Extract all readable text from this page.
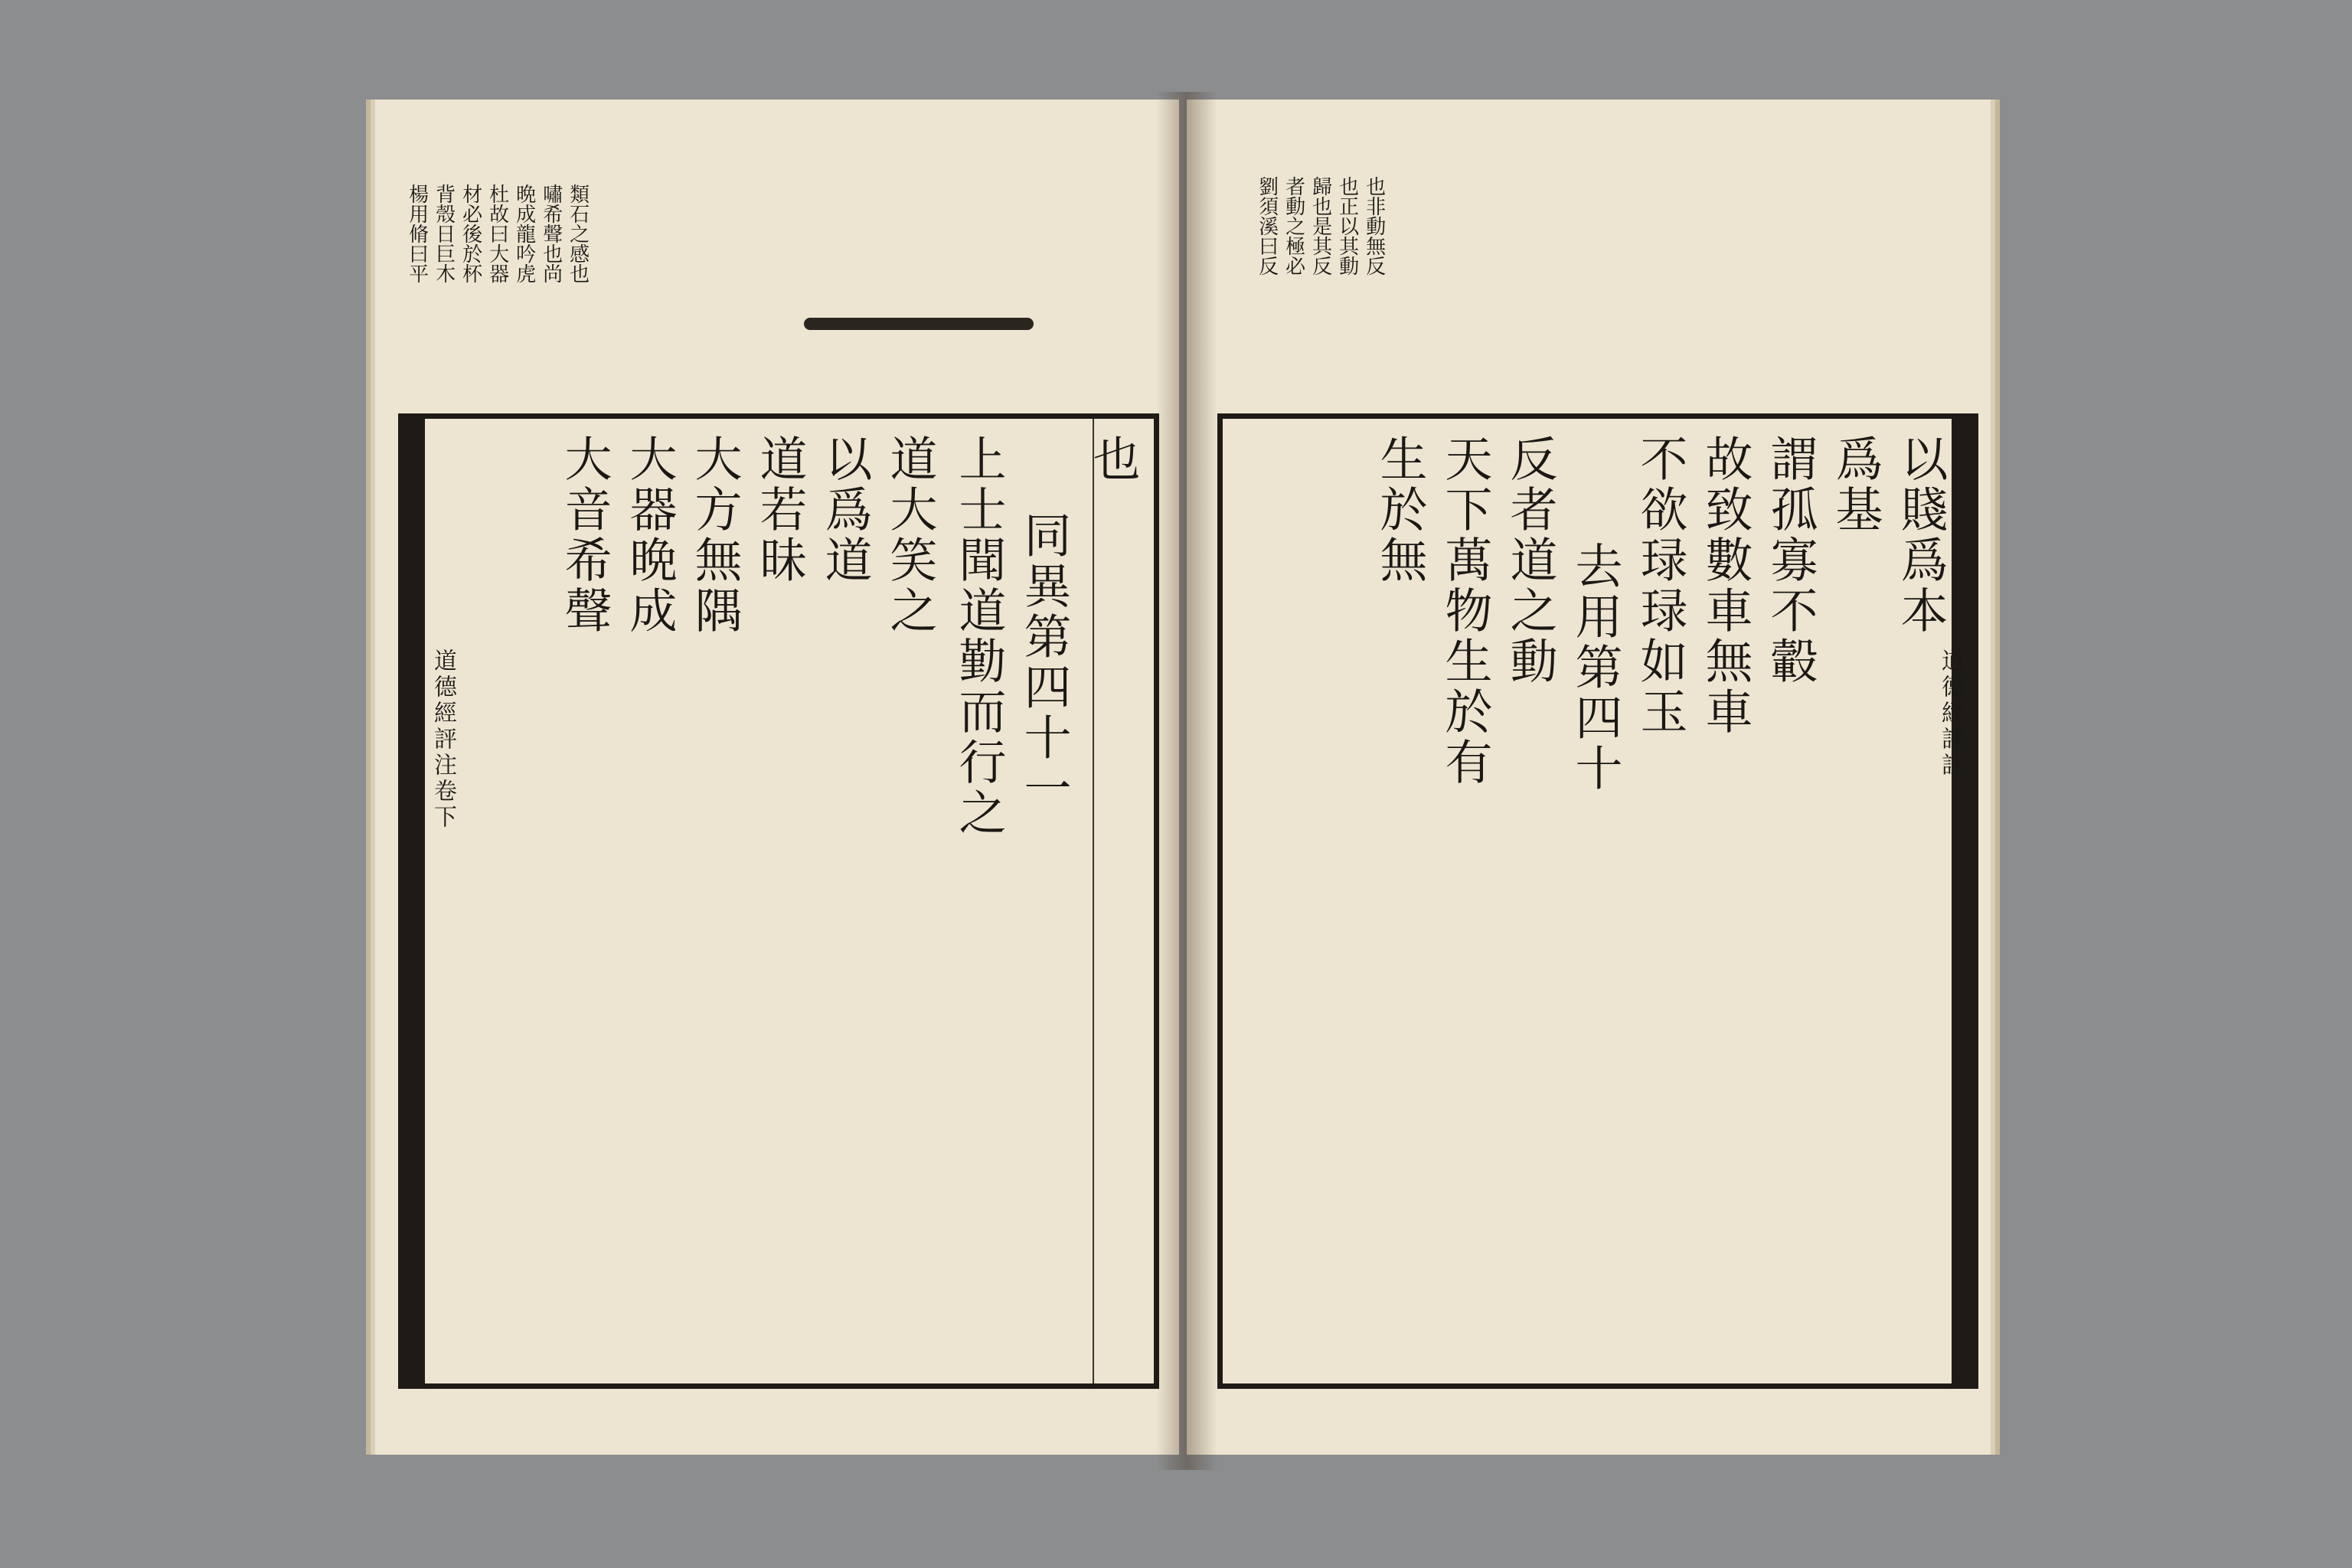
楊用脩曰平 背殼日巨木 材必後於杯 杜故曰大器 晩成龍吟虎 嘯希聲也尚 類石之感也
也
同異第四十一
上士聞道勤而行之
道大笑之
以爲道
道若昧
大方無隅
大器晩成
大音希聲
道德經評注卷下
劉須溪曰反 者動之極必 歸也是其反 也正以其動 也非動無反
以賤爲本
爲基
謂孤寡不轂
故致數車無車
不欲琭琭如玉
去用第四十
反者道之動
天下萬物生於有
生於無
道德經評註
